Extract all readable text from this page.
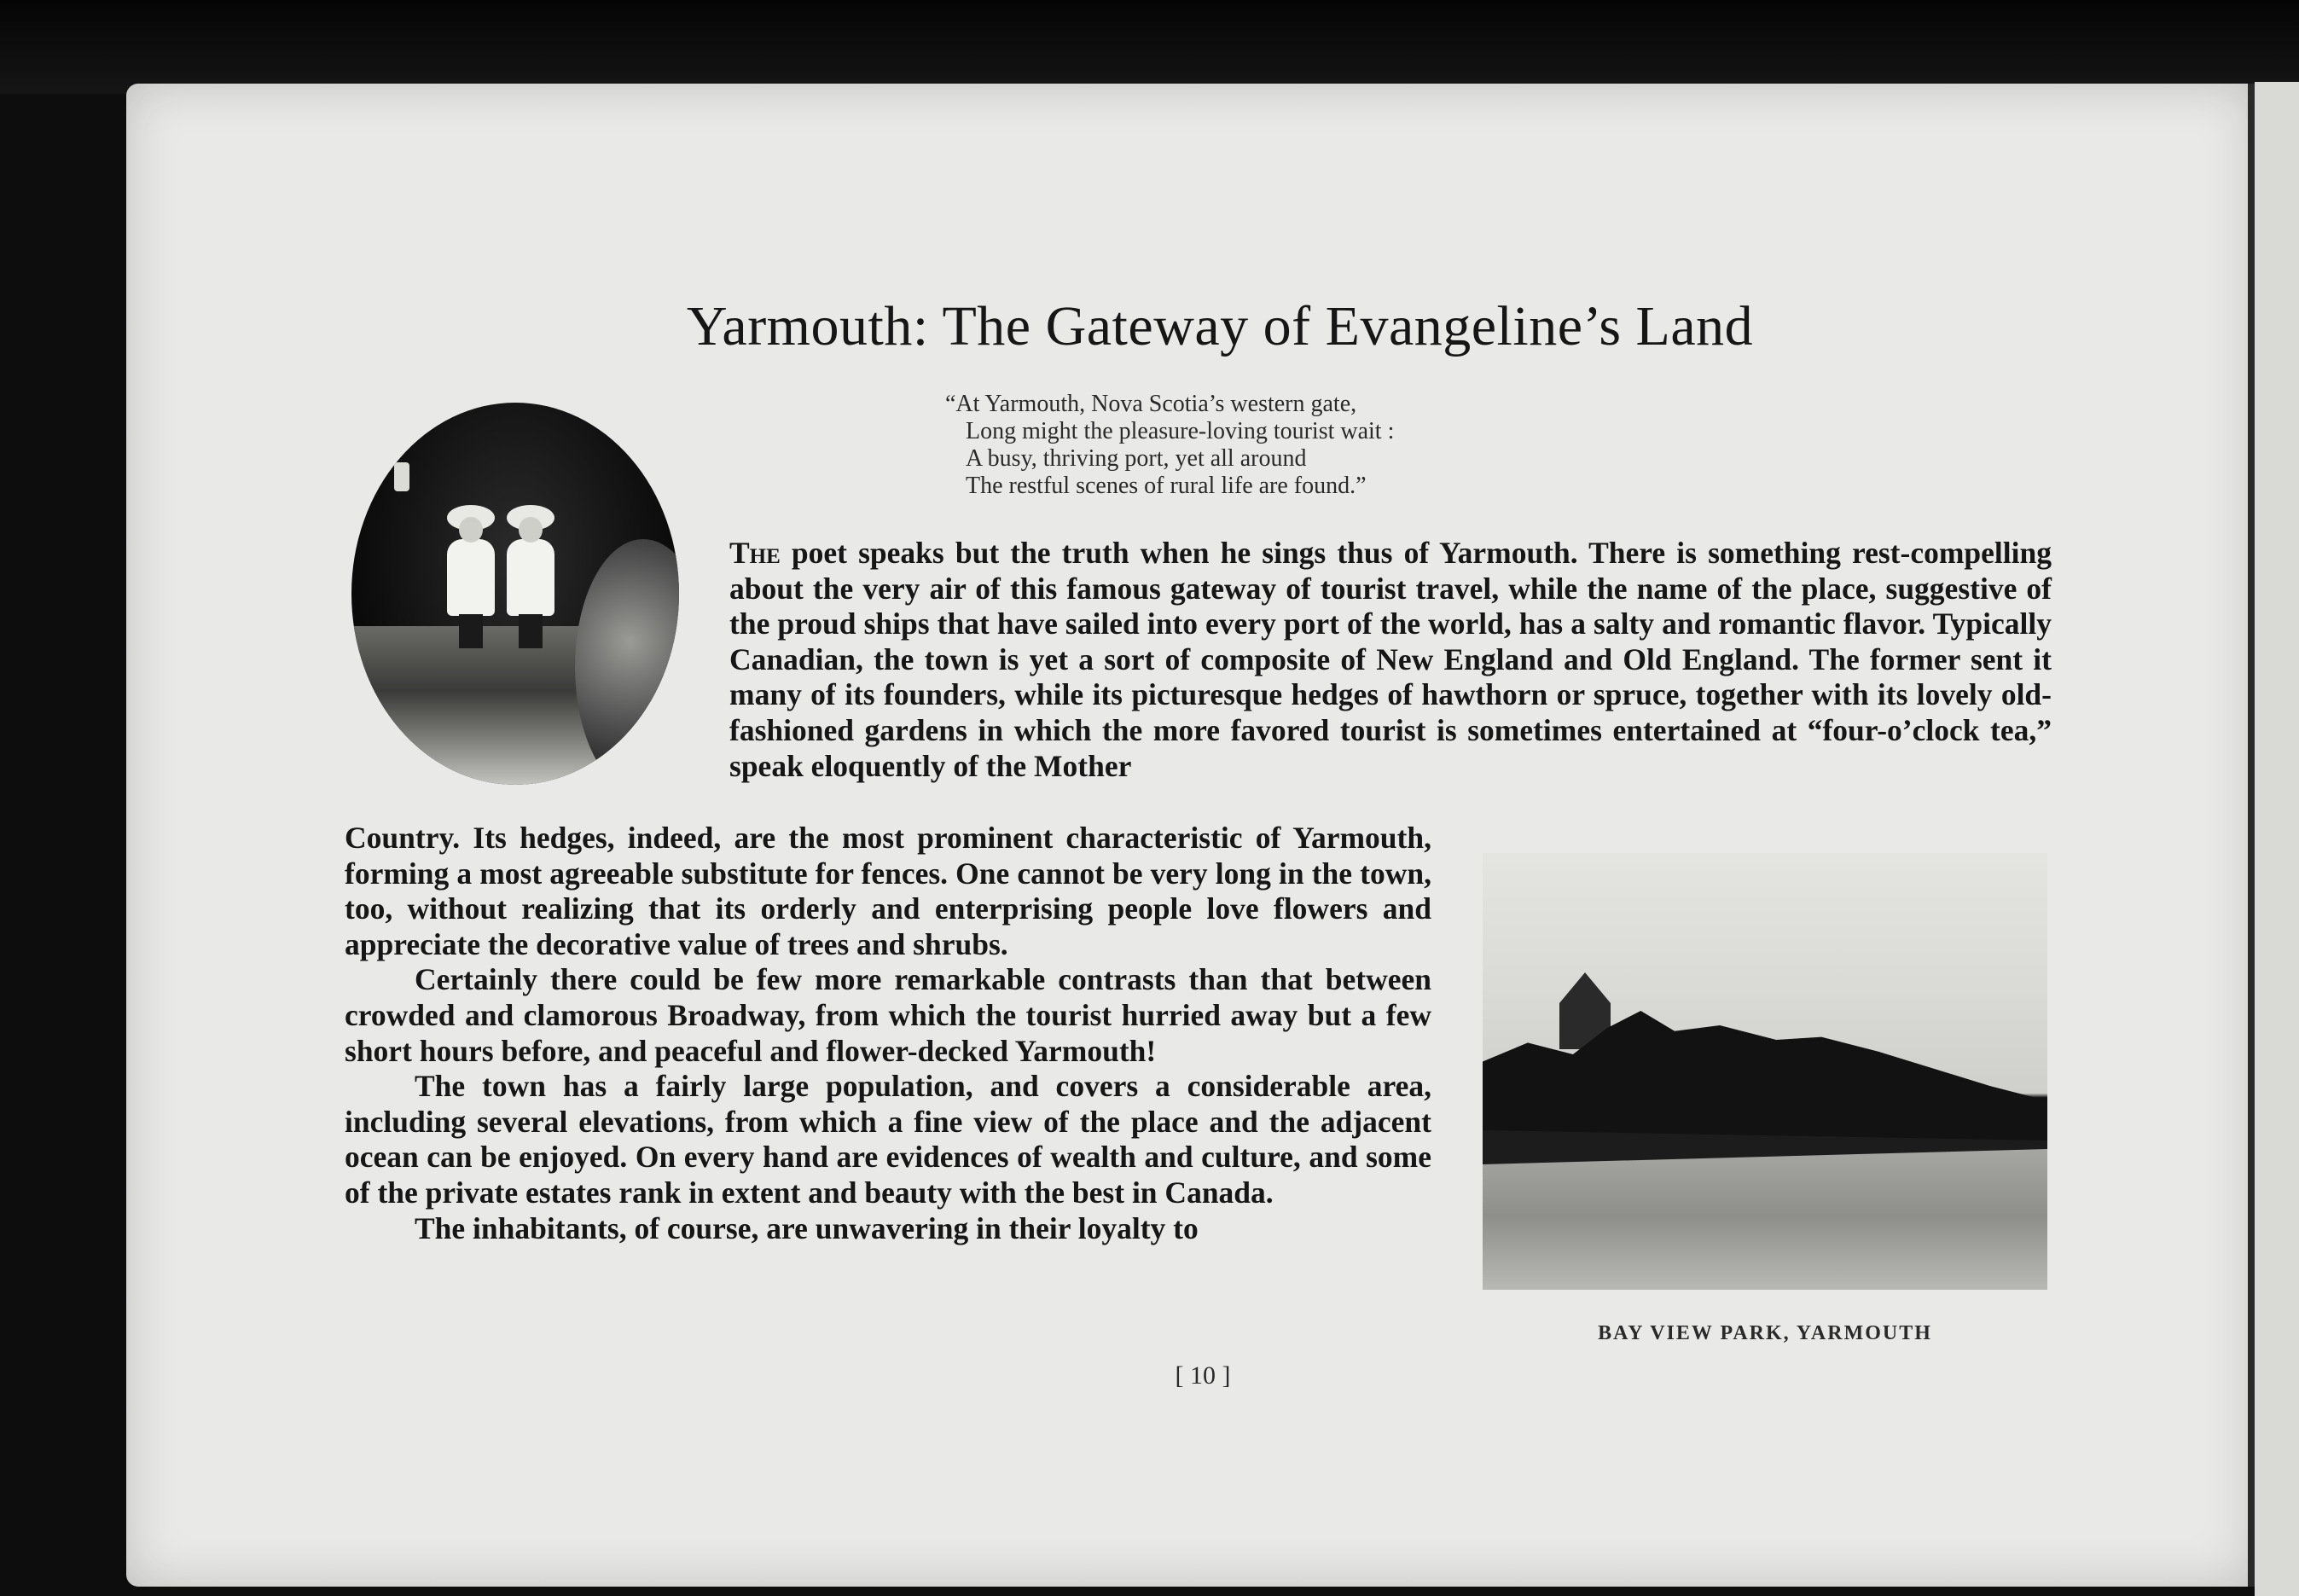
Yarmouth: The Gateway of Evangeline’s Land
“At Yarmouth, Nova Scotia’s western gate,
Long might the pleasure-loving tourist wait :
A busy, thriving port, yet all around
The restful scenes of rural life are found.”

The poet speaks but the truth when he sings thus of Yarmouth. There is something rest-compelling about the very air of this famous gateway of tourist travel, while the name of the place, suggestive of the proud ships that have sailed into every port of the world, has a salty and romantic flavor. Typically Canadian, the town is yet a sort of composite of New England and Old England. The former sent it many of its founders, while its picturesque hedges of hawthorn or spruce, together with its lovely old-fashioned gardens in which the more favored tourist is sometimes entertained at “four-o’clock tea,” speak eloquently of the Mother

Country. Its hedges, indeed, are the most prominent characteristic of Yarmouth, forming a most agreeable substitute for fences. One cannot be very long in the town, too, without realizing that its orderly and enterprising people love flowers and appreciate the decorative value of trees and shrubs.

Certainly there could be few more remarkable contrasts than that between crowded and clamorous Broadway, from which the tourist hurried away but a few short hours before, and peaceful and flower-decked Yarmouth!

The town has a fairly large population, and covers a considerable area, including several elevations, from which a fine view of the place and the adjacent ocean can be enjoyed. On every hand are evidences of wealth and culture, and some of the private estates rank in extent and beauty with the best in Canada.

The inhabitants, of course, are unwavering in their loyalty to

BAY VIEW PARK, YARMOUTH
[ 10 ]
